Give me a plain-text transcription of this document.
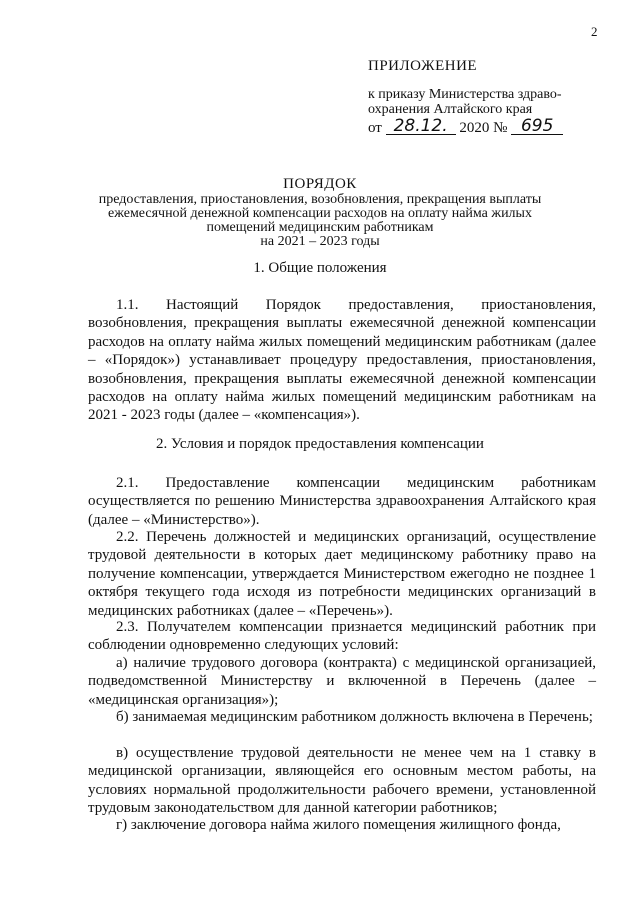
2
ПРИЛОЖЕНИЕ
к приказу Министерства здраво-
охранения Алтайского края
от 28.12. 2020 № 695
ПОРЯДОК
предоставления, приостановления, возобновления, прекращения выплаты
ежемесячной денежной компенсации расходов на оплату найма жилых
помещений медицинским работникам
на 2021 – 2023 годы
1. Общие положения

1.1. Настоящий Порядок предоставления, приостановления, возобновления, прекращения выплаты ежемесячной денежной компенсации расходов на оплату найма жилых помещений медицинским работникам (далее – «Порядок») устанавливает процедуру предоставления, приостановления, возобновления, прекращения выплаты ежемесячной денежной компенсации расходов на оплату найма жилых помещений медицинским работникам на 2021 - 2023 годы (далее – «компенсация»).

2. Условия и порядок предоставления компенсации

2.1. Предоставление компенсации медицинским работникам осуществляется по решению Министерства здравоохранения Алтайского края (далее – «Министерство»).

2.2. Перечень должностей и медицинских организаций, осуществление трудовой деятельности в которых дает медицинскому работнику право на получение компенсации, утверждается Министерством ежегодно не позднее 1 октября текущего года исходя из потребности медицинских организаций в медицинских работниках (далее – «Перечень»).

2.3. Получателем компенсации признается медицинский работник при соблюдении одновременно следующих условий:

а) наличие трудового договора (контракта) с медицинской организацией, подведомственной Министерству и включенной в Перечень (далее – «медицинская организация»);

б) занимаемая медицинским работником должность включена в Перечень;

в) осуществление трудовой деятельности не менее чем на 1 ставку в медицинской организации, являющейся его основным местом работы, на условиях нормальной продолжительности рабочего времени, установленной трудовым законодательством для данной категории работников;

г) заключение договора найма жилого помещения жилищного фонда,
